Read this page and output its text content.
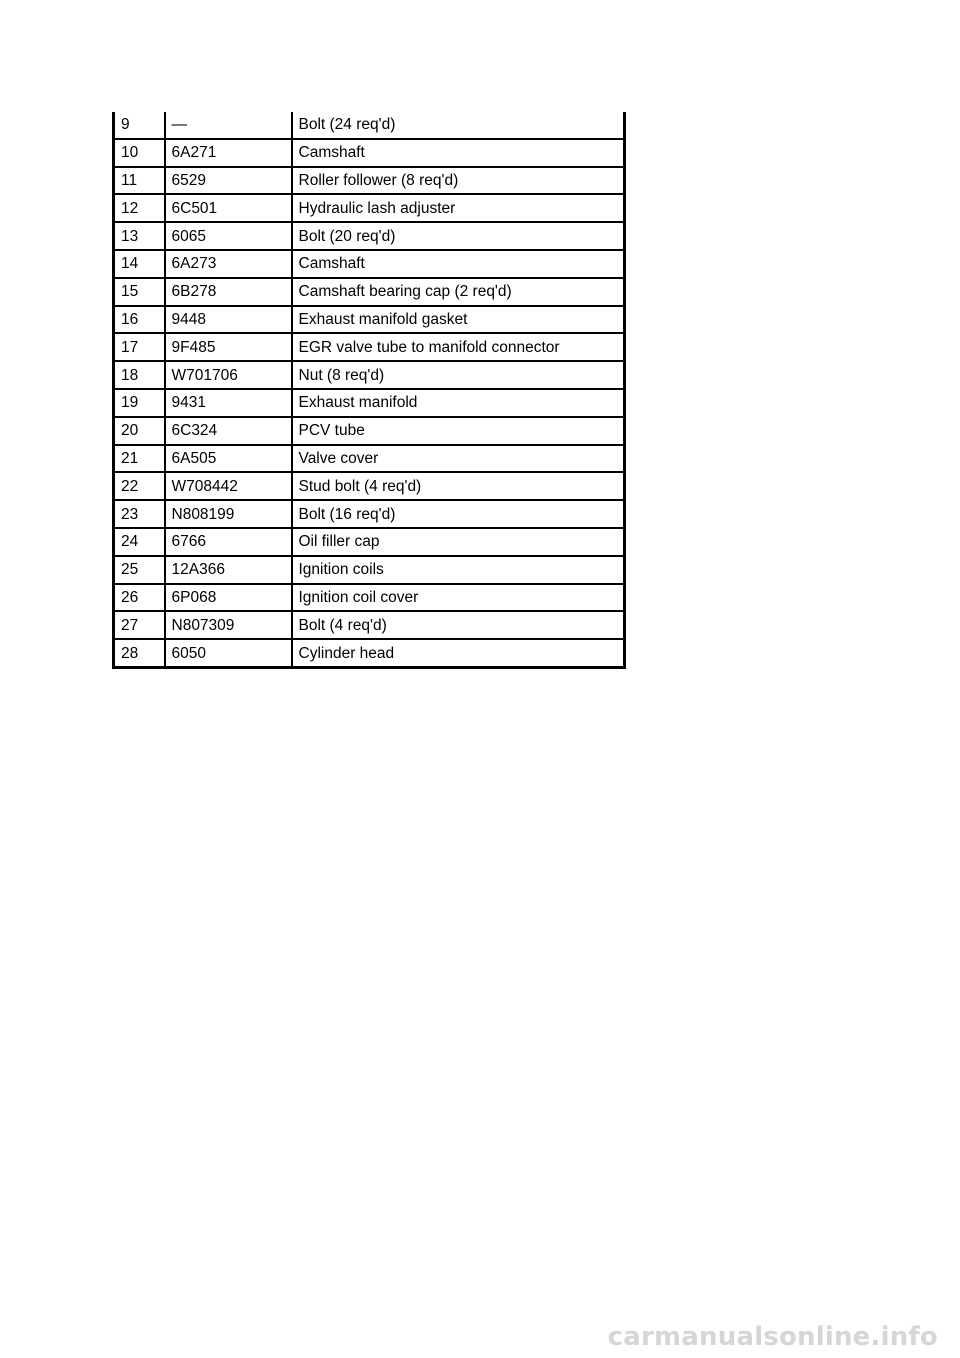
9	—	Bolt (24 req'd)
10	6A271	Camshaft
11	6529	Roller follower (8 req'd)
12	6C501	Hydraulic lash adjuster
13	6065	Bolt (20 req'd)
14	6A273	Camshaft
15	6B278	Camshaft bearing cap (2 req'd)
16	9448	Exhaust manifold gasket
17	9F485	EGR valve tube to manifold connector
18	W701706	Nut (8 req'd)
19	9431	Exhaust manifold
20	6C324	PCV tube
21	6A505	Valve cover
22	W708442	Stud bolt (4 req'd)
23	N808199	Bolt (16 req'd)
24	6766	Oil filler cap
25	12A366	Ignition coils
26	6P068	Ignition coil cover
27	N807309	Bolt (4 req'd)
28	6050	Cylinder head
carmanualsonline.info
